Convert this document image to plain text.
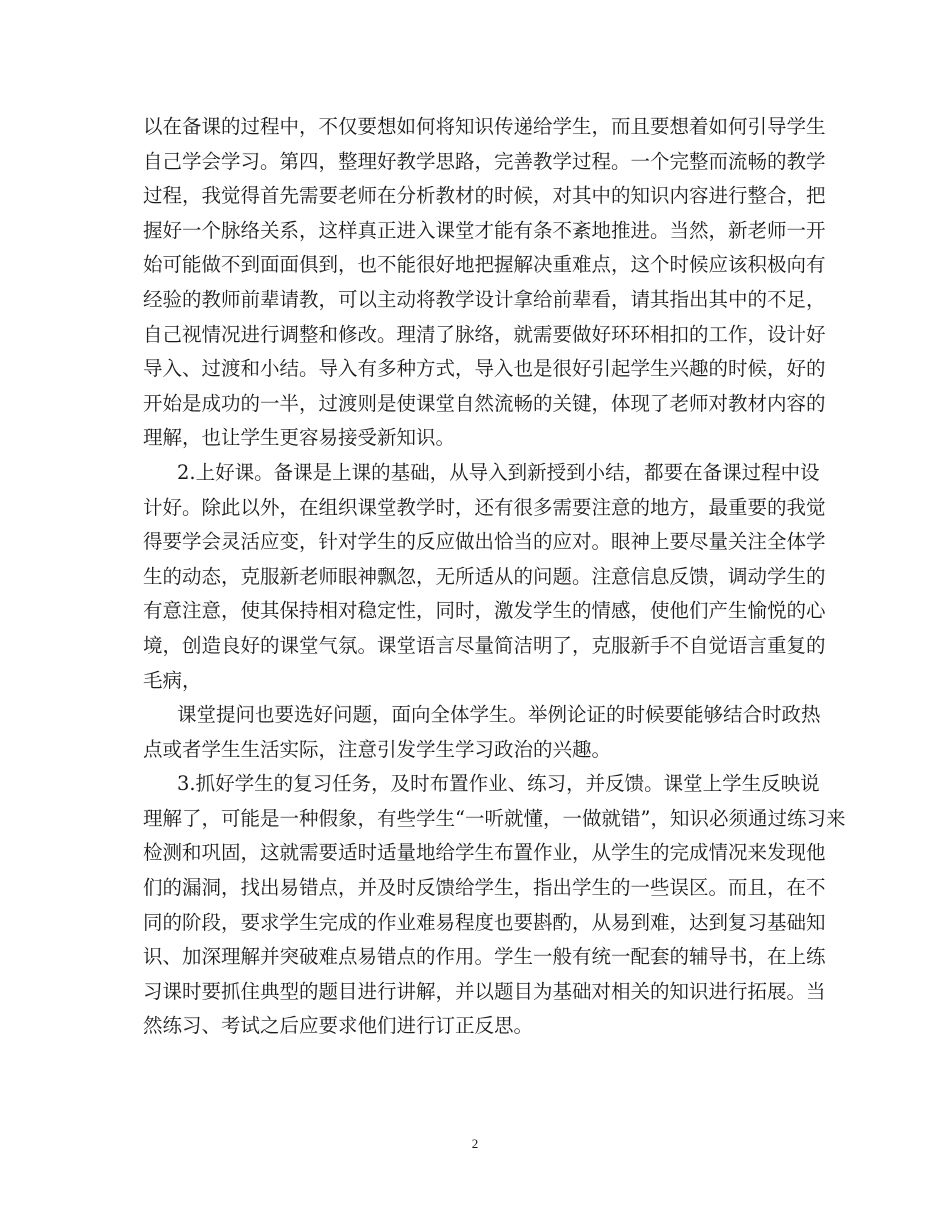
以在备课的过程中，不仅要想如何将知识传递给学生，而且要想着如何引导学生
自己学会学习。第四，整理好教学思路，完善教学过程。一个完整而流畅的教学
过程，我觉得首先需要老师在分析教材的时候，对其中的知识内容进行整合，把
握好一个脉络关系，这样真正进入课堂才能有条不紊地推进。当然，新老师一开
始可能做不到面面俱到，也不能很好地把握解决重难点，这个时候应该积极向有
经验的教师前辈请教，可以主动将教学设计拿给前辈看，请其指出其中的不足，
自己视情况进行调整和修改。理清了脉络，就需要做好环环相扣的工作，设计好
导入、过渡和小结。导入有多种方式，导入也是很好引起学生兴趣的时候，好的
开始是成功的一半，过渡则是使课堂自然流畅的关键，体现了老师对教材内容的
理解，也让学生更容易接受新知识。
2.上好课。备课是上课的基础，从导入到新授到小结，都要在备课过程中设
计好。除此以外，在组织课堂教学时，还有很多需要注意的地方，最重要的我觉
得要学会灵活应变，针对学生的反应做出恰当的应对。眼神上要尽量关注全体学
生的动态，克服新老师眼神飘忽，无所适从的问题。注意信息反馈，调动学生的
有意注意，使其保持相对稳定性，同时，激发学生的情感，使他们产生愉悦的心
境，创造良好的课堂气氛。课堂语言尽量简洁明了，克服新手不自觉语言重复的
毛病，
课堂提问也要选好问题，面向全体学生。举例论证的时候要能够结合时政热
点或者学生生活实际，注意引发学生学习政治的兴趣。
3.抓好学生的复习任务，及时布置作业、练习，并反馈。课堂上学生反映说
理解了，可能是一种假象，有些学生“一听就懂，一做就错”，知识必须通过练习来
检测和巩固，这就需要适时适量地给学生布置作业，从学生的完成情况来发现他
们的漏洞，找出易错点，并及时反馈给学生，指出学生的一些误区。而且，在不
同的阶段，要求学生完成的作业难易程度也要斟酌，从易到难，达到复习基础知
识、加深理解并突破难点易错点的作用。学生一般有统一配套的辅导书，在上练
习课时要抓住典型的题目进行讲解，并以题目为基础对相关的知识进行拓展。当
然练习、考试之后应要求他们进行订正反思。
2
